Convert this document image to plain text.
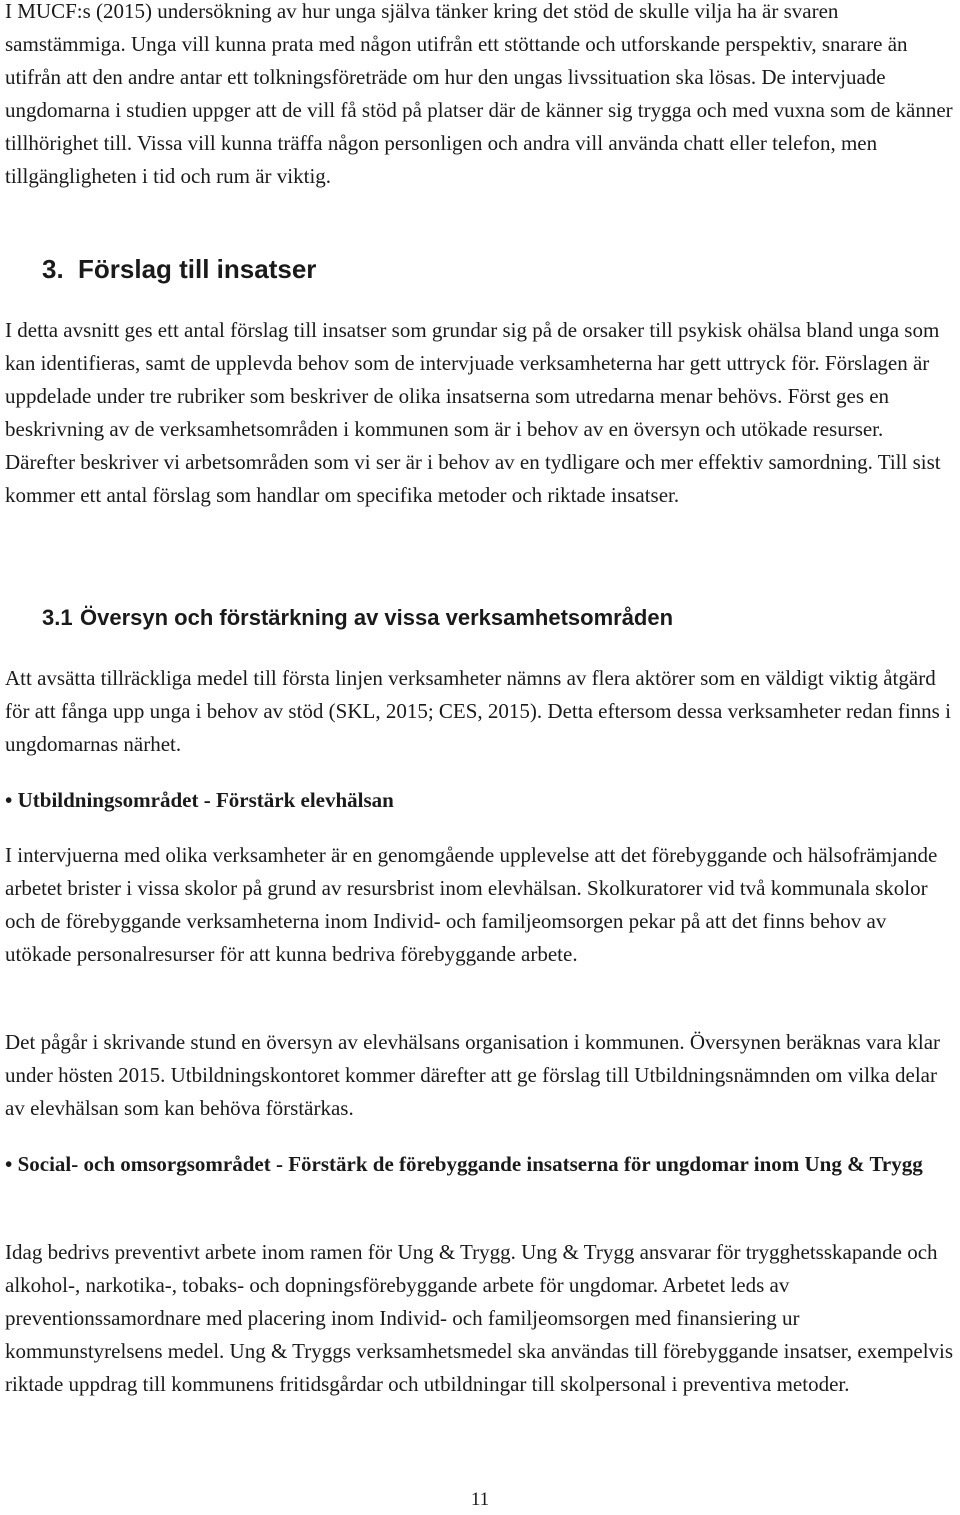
I MUCF:s (2015) undersökning av hur unga själva tänker kring det stöd de skulle vilja ha är svaren samstämmiga. Unga vill kunna prata med någon utifrån ett stöttande och utforskande perspektiv, snarare än utifrån att den andre antar ett tolkningsföreträde om hur den ungas livssituation ska lösas. De intervjuade ungdomarna i studien uppger att de vill få stöd på platser där de känner sig trygga och med vuxna som de känner tillhörighet till. Vissa vill kunna träffa någon personligen och andra vill använda chatt eller telefon, men tillgängligheten i tid och rum är viktig.

3. Förslag till insatser

I detta avsnitt ges ett antal förslag till insatser som grundar sig på de orsaker till psykisk ohälsa bland unga som kan identifieras, samt de upplevda behov som de intervjuade verksamheterna har gett uttryck för. Förslagen är uppdelade under tre rubriker som beskriver de olika insatserna som utredarna menar behövs. Först ges en beskrivning av de verksamhetsområden i kommunen som är i behov av en översyn och utökade resurser. Därefter beskriver vi arbetsområden som vi ser är i behov av en tydligare och mer effektiv samordning. Till sist kommer ett antal förslag som handlar om specifika metoder och riktade insatser.

3.1 Översyn och förstärkning av vissa verksamhetsområden

Att avsätta tillräckliga medel till första linjen verksamheter nämns av flera aktörer som en väldigt viktig åtgärd för att fånga upp unga i behov av stöd (SKL, 2015; CES, 2015). Detta eftersom dessa verksamheter redan finns i ungdomarnas närhet.

• Utbildningsområdet - Förstärk elevhälsan

I intervjuerna med olika verksamheter är en genomgående upplevelse att det förebyggande och hälsofrämjande arbetet brister i vissa skolor på grund av resursbrist inom elevhälsan. Skolkuratorer vid två kommunala skolor och de förebyggande verksamheterna inom Individ- och familjeomsorgen pekar på att det finns behov av utökade personalresurser för att kunna bedriva förebyggande arbete.

Det pågår i skrivande stund en översyn av elevhälsans organisation i kommunen. Översynen beräknas vara klar under hösten 2015. Utbildningskontoret kommer därefter att ge förslag till Utbildningsnämnden om vilka delar av elevhälsan som kan behöva förstärkas.

• Social- och omsorgsområdet - Förstärk de förebyggande insatserna för ungdomar inom Ung & Trygg

Idag bedrivs preventivt arbete inom ramen för Ung & Trygg. Ung & Trygg ansvarar för trygghetsskapande och alkohol-, narkotika-, tobaks- och dopningsförebyggande arbete för ungdomar. Arbetet leds av preventionssamordnare med placering inom Individ- och familjeomsorgen med finansiering ur kommunstyrelsens medel. Ung & Tryggs verksamhetsmedel ska användas till förebyggande insatser, exempelvis riktade uppdrag till kommunens fritidsgårdar och utbildningar till skolpersonal i preventiva metoder.

11
